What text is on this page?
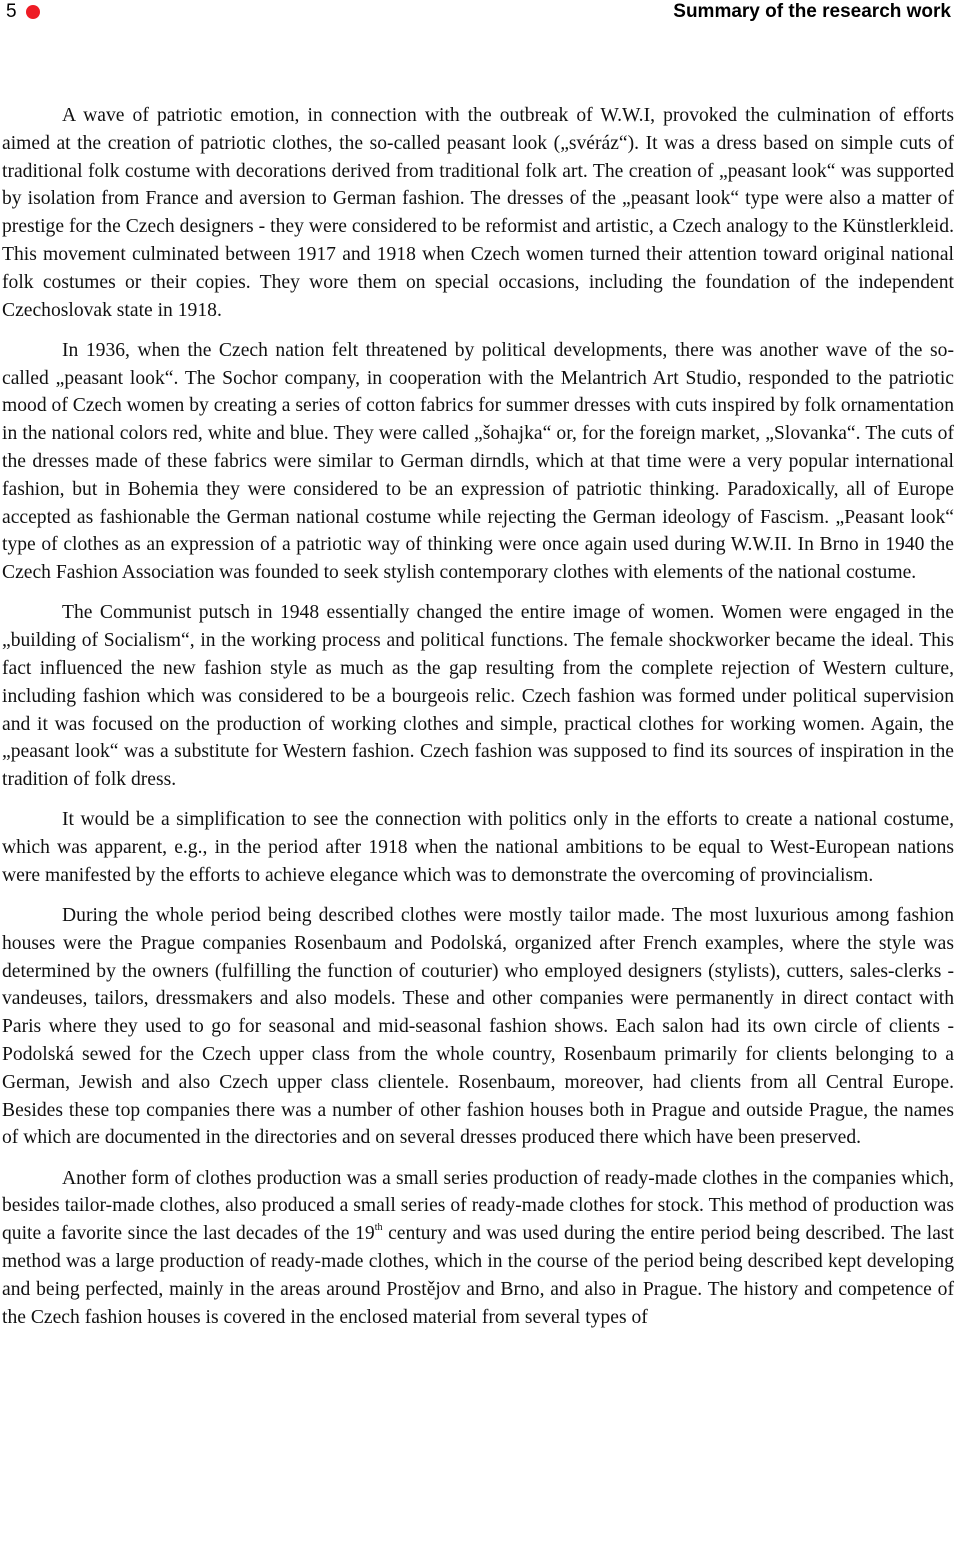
5	Summary of the research work

A wave of patriotic emotion, in connection with the outbreak of W.W.I, provoked the culmination of efforts aimed at the creation of patriotic clothes, the so-called peasant look („svéráz“). It was a dress based on simple cuts of traditional folk costume with decorations derived from traditional folk art. The creation of „peasant look“ was supported by isolation from France and aversion to German fashion. The dresses of the „peasant look“ type were also a matter of prestige for the Czech designers - they were considered to be reformist and artistic, a Czech analogy to the Künstlerkleid. This movement culminated between 1917 and 1918 when Czech women turned their attention toward original national folk costumes or their copies. They wore them on special occasions, including the foundation of the independent Czechoslovak state in 1918.

In 1936, when the Czech nation felt threatened by political developments, there was another wave of the so-called „peasant look“. The Sochor company, in cooperation with the Melantrich Art Studio, responded to the patriotic mood of Czech women by creating a series of cotton fabrics for summer dresses with cuts inspired by folk ornamentation in the national colors red, white and blue. They were called „šohajka“ or, for the foreign market, „Slovanka“. The cuts of the dresses made of these fabrics were similar to German dirndls, which at that time were a very popular international fashion, but in Bohemia they were considered to be an expression of patriotic thinking. Paradoxically, all of Europe accepted as fashionable the German national costume while rejecting the German ideology of Fascism. „Peasant look“ type of clothes as an expression of a patriotic way of thinking were once again used during W.W.II. In Brno in 1940 the Czech Fashion Association was founded to seek stylish contemporary clothes with elements of the national costume.

The Communist putsch in 1948 essentially changed the entire image of women. Women were engaged in the „building of Socialism“, in the working process and political functions. The female shockworker became the ideal. This fact influenced the new fashion style as much as the gap resulting from the complete rejection of Western culture, including fashion which was considered to be a bourgeois relic. Czech fashion was formed under political supervision and it was focused on the production of working clothes and simple, practical clothes for working women. Again, the „peasant look“ was a substitute for Western fashion. Czech fashion was supposed to find its sources of inspiration in the tradition of folk dress.

It would be a simplification to see the connection with politics only in the efforts to create a national costume, which was apparent, e.g., in the period after 1918 when the national ambitions to be equal to West-European nations were manifested by the efforts to achieve elegance which was to demonstrate the overcoming of provincialism.

During the whole period being described clothes were mostly tailor made. The most luxurious among fashion houses were the Prague companies Rosenbaum and Podolská, organized after French examples, where the style was determined by the owners (fulfilling the function of couturier) who employed designers (stylists), cutters, sales-clerks - vandeuses, tailors, dressmakers and also models. These and other companies were permanently in direct contact with Paris where they used to go for seasonal and mid-seasonal fashion shows. Each salon had its own circle of clients - Podolská sewed for the Czech upper class from the whole country, Rosenbaum primarily for clients belonging to a German, Jewish and also Czech upper class clientele. Rosenbaum, moreover, had clients from all Central Europe. Besides these top companies there was a number of other fashion houses both in Prague and outside Prague, the names of which are documented in the directories and on several dresses produced there which have been preserved.

Another form of clothes production was a small series production of ready-made clothes in the companies which, besides tailor-made clothes, also produced a small series of ready-made clothes for stock. This method of production was quite a favorite since the last decades of the 19th century and was used during the entire period being described. The last method was a large production of ready-made clothes, which in the course of the period being described kept developing and being perfected, mainly in the areas around Prostějov and Brno, and also in Prague. The history and competence of the Czech fashion houses is covered in the enclosed material from several types of
